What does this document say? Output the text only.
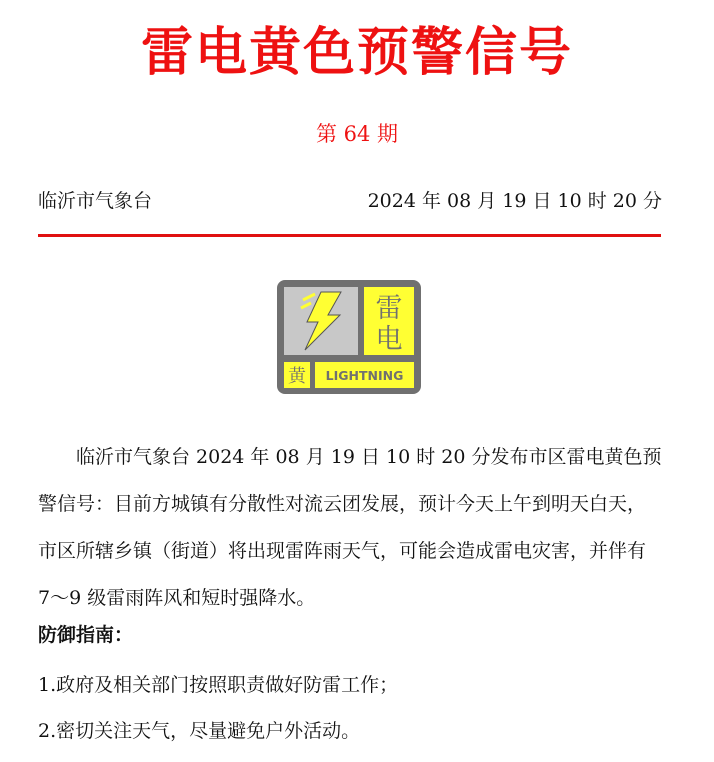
雷电黄色预警信号
第 64 期
临沂市气象台	2024 年 08 月 19 日 10 时 20 分
雷
电
黄 LIGHTNING

临沂市气象台 2024 年 08 月 19 日 10 时 20 分发布市区雷电黄色预警信号：目前方城镇有分散性对流云团发展，预计今天上午到明天白天，市区所辖乡镇（街道）将出现雷阵雨天气，可能会造成雷电灾害，并伴有 7～9 级雷雨阵风和短时强降水。

防御指南：
1.政府及相关部门按照职责做好防雷工作；
2.密切关注天气，尽量避免户外活动。
